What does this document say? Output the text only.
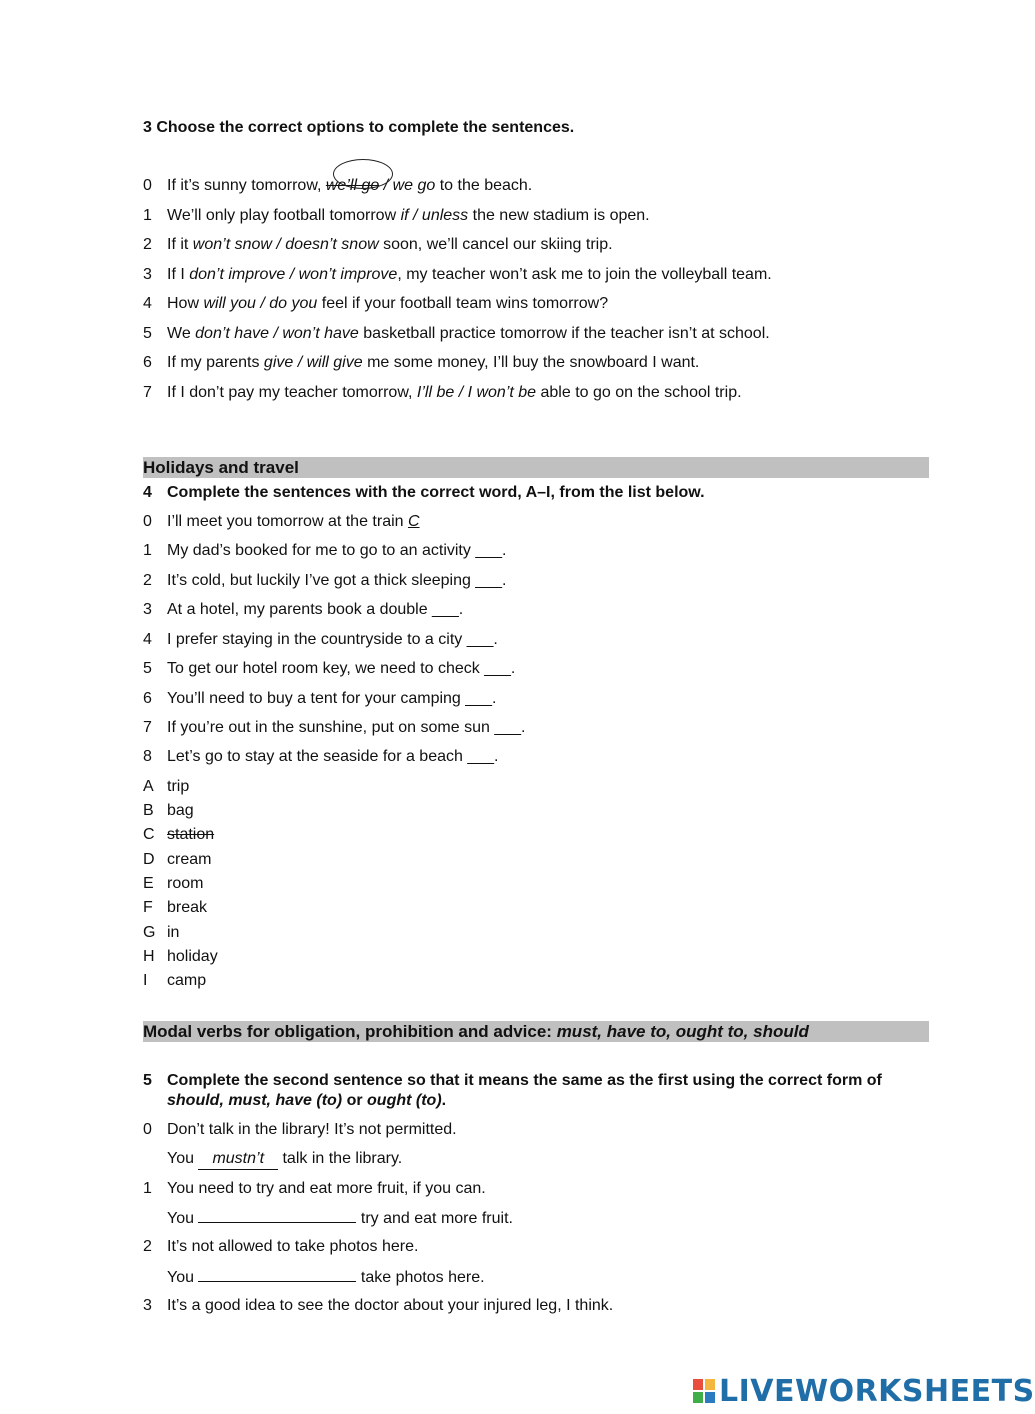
3 Choose the correct options to complete the sentences.
0 If it’s sunny tomorrow, we’ll go / we go to the beach.
1 We’ll only play football tomorrow if / unless the new stadium is open.
2 If it won’t snow / doesn’t snow soon, we’ll cancel our skiing trip.
3 If I don’t improve / won’t improve, my teacher won’t ask me to join the volleyball team.
4 How will you / do you feel if your football team wins tomorrow?
5 We don’t have / won’t have basketball practice tomorrow if the teacher isn’t at school.
6 If my parents give / will give me some money, I’ll buy the snowboard I want.
7 If I don’t pay my teacher tomorrow, I’ll be / I won’t be able to go on the school trip.
Holidays and travel
4 Complete the sentences with the correct word, A–I, from the list below.
0 I’ll meet you tomorrow at the train C
1 My dad’s booked for me to go to an activity ___.
2 It’s cold, but luckily I’ve got a thick sleeping ___.
3 At a hotel, my parents book a double ___.
4 I prefer staying in the countryside to a city ___.
5 To get our hotel room key, we need to check ___.
6 You’ll need to buy a tent for your camping ___.
7 If you’re out in the sunshine, put on some sun ___.
8 Let’s go to stay at the seaside for a beach ___.
A trip
B bag
C station
D cream
E room
F break
G in
H holiday
I camp
Modal verbs for obligation, prohibition and advice: must, have to, ought to, should
5 Complete the second sentence so that it means the same as the first using the correct form of
should, must, have (to) or ought (to).
0 Don’t talk in the library! It’s not permitted.
You mustn’t talk in the library.
1 You need to try and eat more fruit, if you can.
You	try and eat more fruit.
2 It’s not allowed to take photos here.
You	take photos here.
3 It’s a good idea to see the doctor about your injured leg, I think.
LIVEWORKSHEETS
